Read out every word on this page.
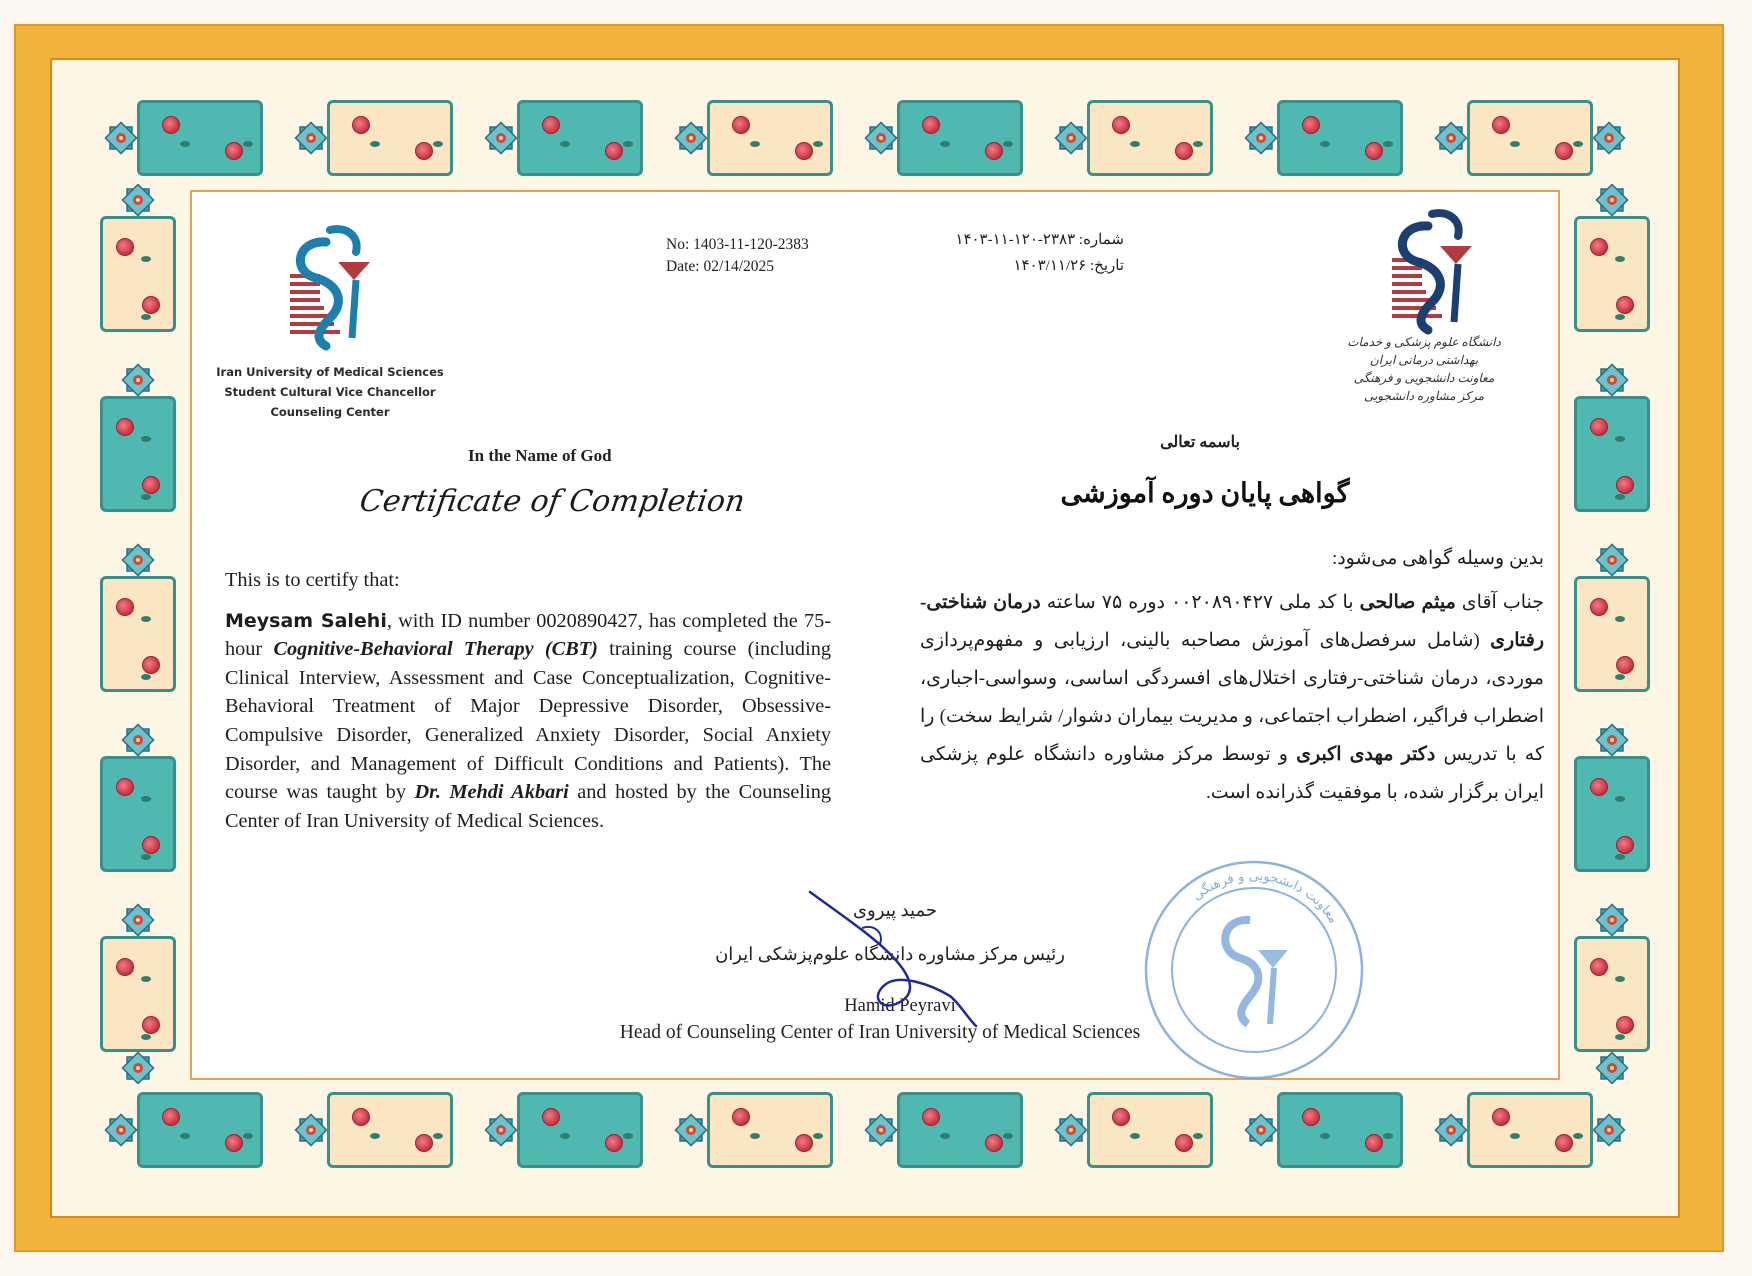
Iran University of Medical Sciences
Student Cultural Vice Chancellor
Counseling Center
دانشگاه علوم پزشکی و خدمات بهداشتی درمانی ایران
معاونت دانشجویی و فرهنگی
مرکز مشاوره دانشجویی
No: 1403-11-120-2383
Date: 02/14/2025
شماره: ۲۳۸۳-۱۲۰-۱۱-۱۴۰۳
تاریخ: ۱۴۰۳/۱۱/۲۶
In the Name of God
Certificate of Completion
باسمه تعالی
گواهی پایان دوره آموزشی
This is to certify that:
Meysam Salehi, with ID number 0020890427, has completed the 75-hour Cognitive-Behavioral Therapy (CBT) training course (including Clinical Interview, Assessment and Case Conceptualization, Cognitive-Behavioral Treatment of Major Depressive Disorder, Obsessive-Compulsive Disorder, Generalized Anxiety Disorder, Social Anxiety Disorder, and Management of Difficult Conditions and Patients). The course was taught by Dr. Mehdi Akbari and hosted by the Counseling Center of Iran University of Medical Sciences.
بدین وسیله گواهی می‌شود:
جناب آقای میثم صالحی با کد ملی ۰۰۲۰۸۹۰۴۲۷ دوره ۷۵ ساعته درمان شناختی-رفتاری (شامل سرفصل‌های آموزش مصاحبه بالینی، ارزیابی و مفهوم‌پردازی موردی، درمان شناختی-رفتاری اختلال‌های افسردگی اساسی، وسواسی-اجباری، اضطراب فراگیر، اضطراب اجتماعی، و مدیریت بیماران دشوار/ شرایط سخت) را که با تدریس دکتر مهدی اکبری و توسط مرکز مشاوره دانشگاه علوم پزشکی ایران برگزار شده، با موفقیت گذرانده است.
معاونت دانشجویی و فرهنگی
حمید پیروی
رئیس مرکز مشاوره دانشگاه علوم‌پزشکی ایران
Hamid Peyravi
Head of Counseling Center of Iran University of Medical Sciences
